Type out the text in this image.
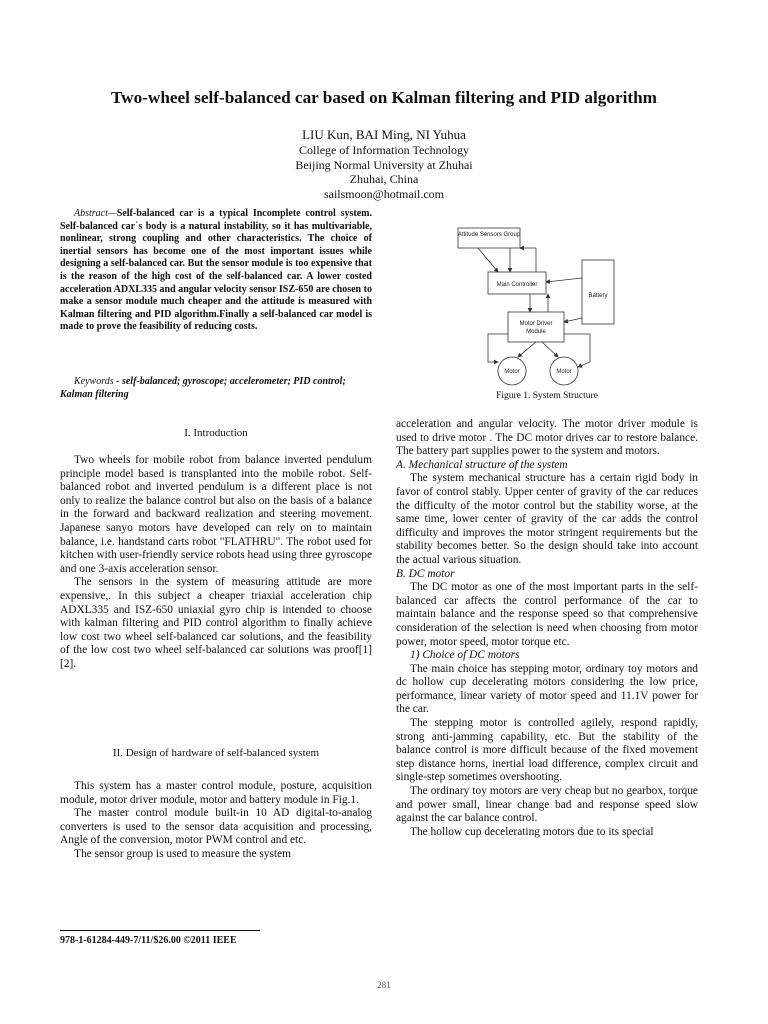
Two-wheel self-balanced car based on Kalman filtering and PID algorithm
LIU Kun, BAI Ming, NI Yuhua
College of Information Technology
Beijing Normal University at Zhuhai
Zhuhai, China
sailsmoon@hotmail.com
Abstract—Self-balanced car is a typical Incomplete control system. Self-balanced car`s body is a natural instability, so it has multivariable, nonlinear, strong coupling and other characteristics. The choice of inertial sensors has become one of the most important issues while designing a self-balanced car. But the sensor module is too expensive that is the reason of the high cost of the self-balanced car. A lower costed acceleration ADXL335 and angular velocity sensor ISZ-650 are chosen to make a sensor module much cheaper and the attitude is measured with Kalman filtering and PID algorithm.Finally a self-balanced car model is made to prove the feasibility of reducing costs.
Keywords - self-balanced; gyroscope; accelerometer; PID control; Kalman filtering

I. Introduction

Two wheels for mobile robot from balance inverted pendulum principle model based is transplanted into the mobile robot. Self-balanced robot and inverted pendulum is a different place is not only to realize the balance control but also on the basis of a balance in the forward and backward realization and steering movement. Japanese sanyo motors have developed can rely on to maintain balance, i.e. handstand carts robot "FLATHRU". The robot used for kitchen with user-friendly service robots head using three gyroscope and one 3-axis acceleration sensor.

The sensors in the system of measuring attitude are more expensive,. In this subject a cheaper triaxial acceleration chip ADXL335 and ISZ-650 uniaxial gyro chip is intended to choose with kalman filtering and PID control algorithm to finally achieve low cost two wheel self-balanced car solutions, and the feasibility of the low cost two wheel self-balanced car solutions was proof[1][2].

II. Design of hardware of self-balanced system

This system has a master control module, posture, acquisition module, motor driver module, motor and battery module in Fig.1.

The master control module built-in 10 AD digital-to-analog converters is used to the sensor data acquisition and processing, Angle of the conversion, motor PWM control and etc.

The sensor group is used to measure the system

Attitude Sensors Group
Main Controller
Battery
Motor Driver
Module
Motor	Motor
Figure 1. System Structure

acceleration and angular velocity. The motor driver module is used to drive motor . The DC motor drives car to restore balance. The battery part supplies power to the system and motors.

A. Mechanical structure of the system

The system mechanical structure has a certain rigid body in favor of control stably. Upper center of gravity of the car reduces the difficulty of the motor control but the stability worse, at the same time, lower center of gravity of the car adds the control difficulty and improves the motor stringent requirements but the stability becomes better. So the design should take into account the actual various situation.

B. DC motor

The DC motor as one of the most important parts in the self-balanced car affects the control performance of the car to maintain balance and the response speed so that comprehensive consideration of the selection is need when choosing from motor power, motor speed, motor torque etc.

1) Choice of DC motors

The main choice has stepping motor, ordinary toy motors and dc hollow cup decelerating motors considering the low price, performance, linear variety of motor speed and 11.1V power for the car.

The stepping motor is controlled agilely, respond rapidly, strong anti-jamming capability, etc. But the stability of the balance control is more difficult because of the fixed movement step distance horns, inertial load difference, complex circuit and single-step sometimes overshooting.

The ordinary toy motors are very cheap but no gearbox, torque and power small, linear change bad and response speed slow against the car balance control.

The hollow cup decelerating motors due to its special

978-1-61284-449-7/11/$26.00 ©2011 IEEE
281
